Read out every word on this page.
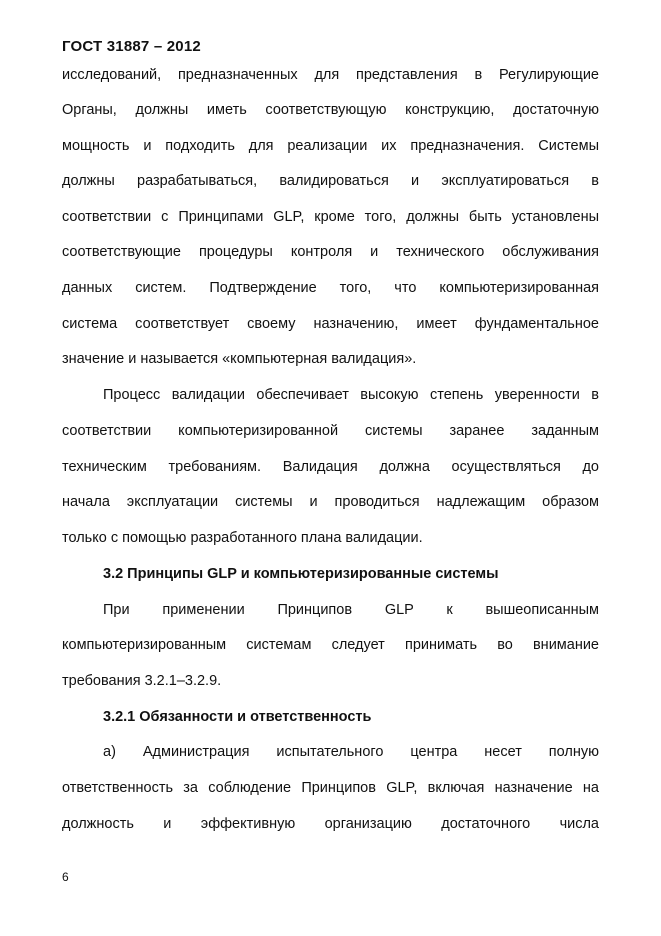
ГОСТ 31887 – 2012
исследований, предназначенных для представления в Регулирующие
Органы, должны иметь соответствующую конструкцию, достаточную
мощность и подходить для реализации их предназначения. Системы
должны разрабатываться, валидироваться и эксплуатироваться в
соответствии с Принципами GLP, кроме того, должны быть установлены
соответствующие процедуры контроля и технического обслуживания
данных систем. Подтверждение того, что компьютеризированная
система соответствует своему назначению, имеет фундаментальное
значение и называется «компьютерная валидация».
Процесс валидации обеспечивает высокую степень уверенности в
соответствии компьютеризированной системы заранее заданным
техническим требованиям. Валидация должна осуществляться до
начала эксплуатации системы и проводиться надлежащим образом
только с помощью разработанного плана валидации.
3.2 Принципы GLP и компьютеризированные системы
При применении Принципов GLP к вышеописанным
компьютеризированным системам следует принимать во внимание
требования 3.2.1–3.2.9.
3.2.1 Обязанности и ответственность
а) Администрация испытательного центра несет полную
ответственность за соблюдение Принципов GLP, включая назначение на
должность и эффективную организацию достаточного числа
6
